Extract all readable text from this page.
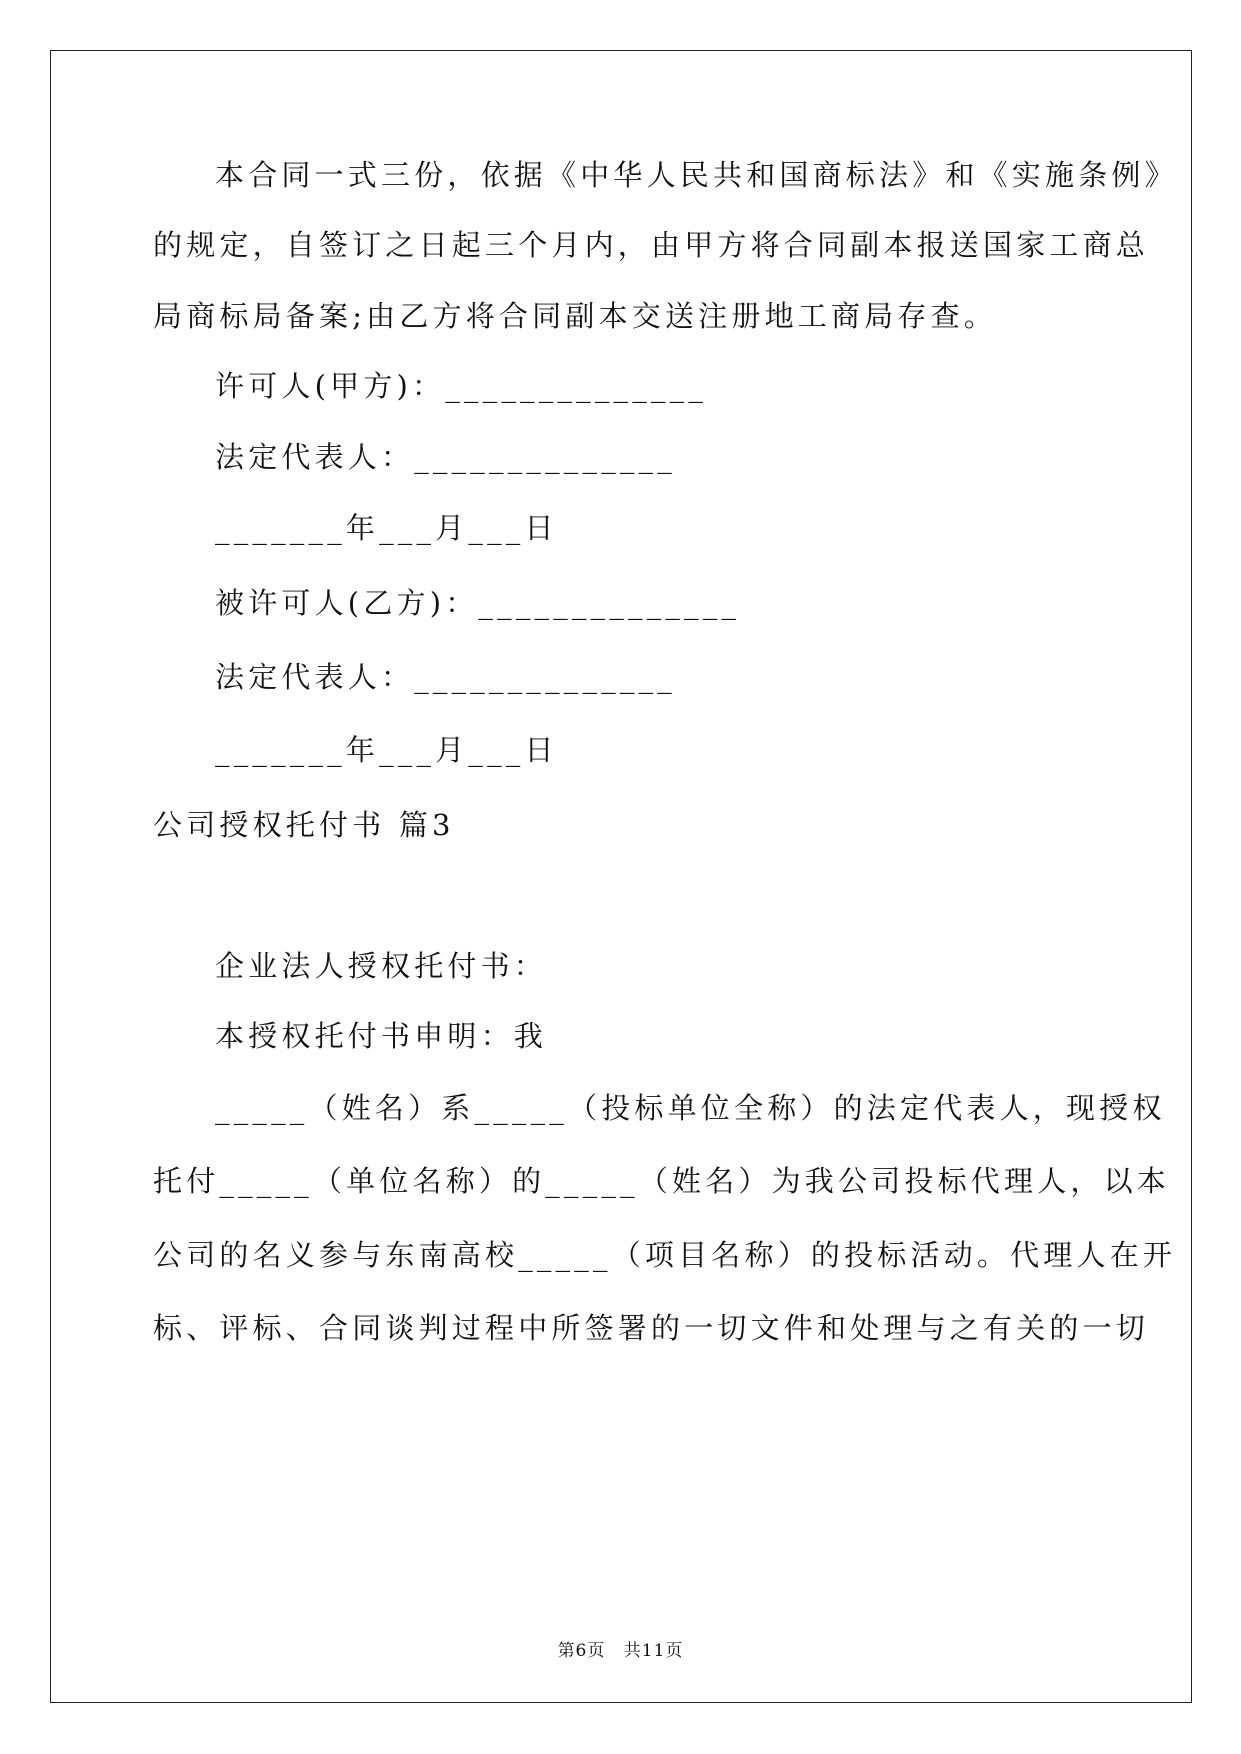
本合同一式三份，依据《中华人民共和国商标法》和《实施条例》
的规定，自签订之日起三个月内，由甲方将合同副本报送国家工商总
局商标局备案;由乙方将合同副本交送注册地工商局存查。
许可人(甲方)：______________
法定代表人：______________
_______年___月___日
被许可人(乙方)：______________
法定代表人：______________
_______年___月___日
公司授权托付书 篇3
企业法人授权托付书：
本授权托付书申明：我
_____（姓名）系_____（投标单位全称）的法定代表人，现授权
托付_____（单位名称）的_____（姓名）为我公司投标代理人，以本
公司的名义参与东南高校_____（项目名称）的投标活动。代理人在开
标、评标、合同谈判过程中所签署的一切文件和处理与之有关的一切
第6页 共11页
